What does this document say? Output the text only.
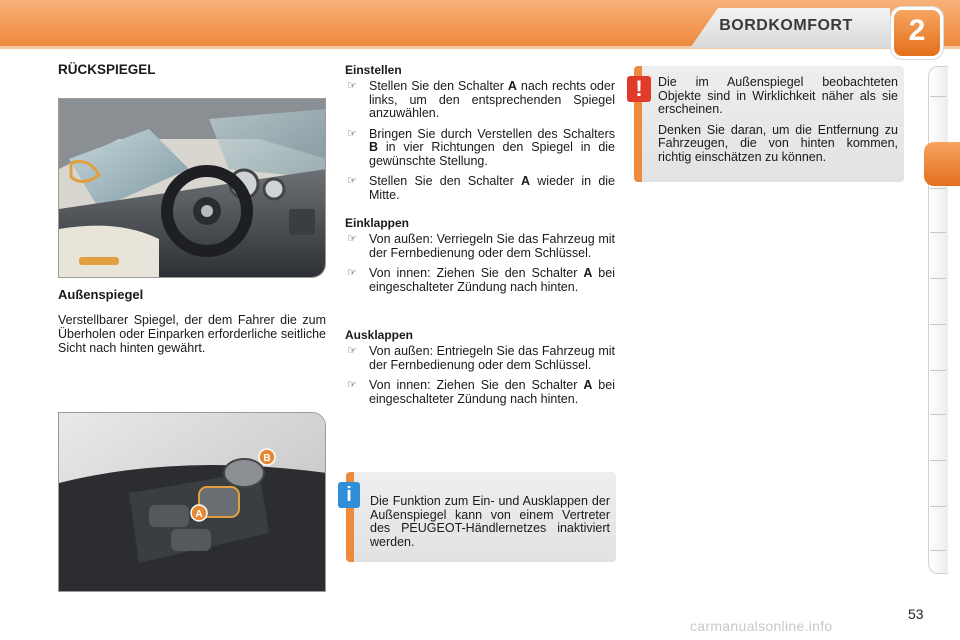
BORDKOMFORT	2
RÜCKSPIEGEL
Außenspiegel
Verstellbarer Spiegel, der dem Fahrer die zum Überholen oder Einparken erforderliche seitliche Sicht nach hinten gewährt.
A
B
Einstellen
☞ Stellen Sie den Schalter A nach rechts oder links, um den entsprechenden Spiegel anzuwählen.
☞ Bringen Sie durch Verstellen des Schalters B in vier Richtungen den Spiegel in die gewünschte Stellung.
☞ Stellen Sie den Schalter A wieder in die Mitte.
Einklappen
☞ Von außen: Verriegeln Sie das Fahrzeug mit der Fernbedienung oder dem Schlüssel.
☞ Von innen: Ziehen Sie den Schalter A bei eingeschalteter Zündung nach hinten.
Ausklappen
☞ Von außen: Entriegeln Sie das Fahrzeug mit der Fernbedienung oder dem Schlüssel.
☞ Von innen: Ziehen Sie den Schalter A bei eingeschalteter Zündung nach hinten.
i	Die Funktion zum Ein- und Ausklappen der Außenspiegel kann von einem Vertreter des PEUGEOT-Händlernetzes inaktiviert werden.
!	Die im Außenspiegel beobachteten Objekte sind in Wirklichkeit näher als sie erscheinen.

Denken Sie daran, um die Entfernung zu Fahrzeugen, die von hinten kommen, richtig einschätzen zu können.

carmanualsonline.info
53
